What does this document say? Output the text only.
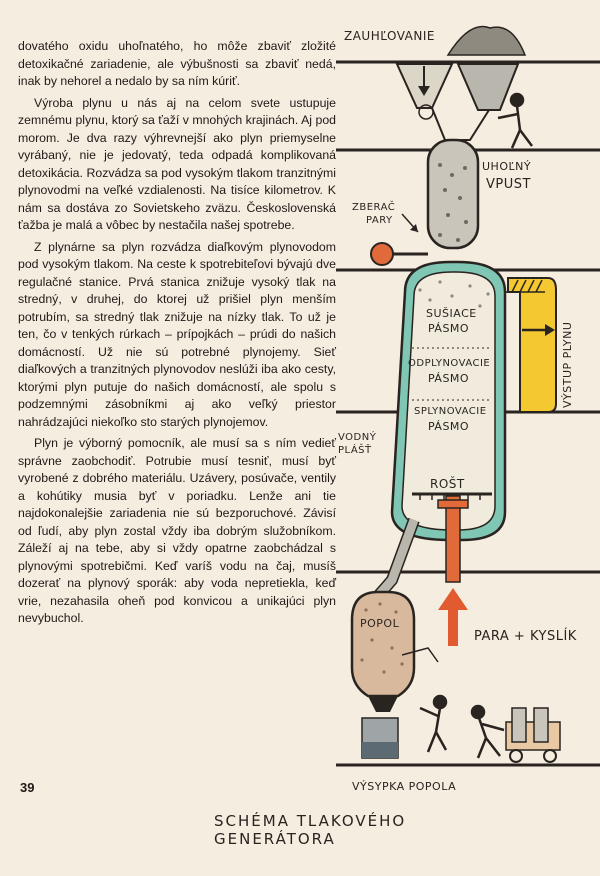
dovatého oxidu uhoľnatého, ho môže zbaviť zložité detoxikačné zariadenie, ale výbušnosti sa zbaviť nedá, inak by nehorel a nedalo by sa ním kúriť.

Výroba plynu u nás aj na celom svete ustupuje zemnému plynu, ktorý sa ťaží v mnohých krajinách. Aj pod morom. Je dva razy výhrevnejší ako plyn priemyselne vyrábaný, nie je jedovatý, teda odpadá komplikovaná detoxikácia. Rozvádza sa pod vysokým tlakom tranzitnými plynovodmi na veľké vzdialenosti. Na tisíce kilometrov. K nám sa dostáva zo Sovietskeho zväzu. Československá ťažba je malá a vôbec by nestačila našej spotrebe.

Z plynárne sa plyn rozvádza diaľkovým plynovodom pod vysokým tlakom. Na ceste k spotrebiteľovi bývajú dve regulačné stanice. Prvá stanica znižuje vysoký tlak na stredný, v druhej, do ktorej už prišiel plyn menším potrubím, sa stredný tlak znižuje na nízky tlak. To už je ten, čo v tenkých rúrkach – prípojkách – prúdi do našich domácností. Už nie sú potrebné plynojemy. Sieť diaľkových a tranzitných plynovodov neslúži iba ako cesty, ktorými plyn putuje do našich domácností, ale spolu s podzemnými zásobníkmi aj ako veľký priestor nahrádzajúci niekoľko sto starých plynojemov.

Plyn je výborný pomocník, ale musí sa s ním vedieť správne zaobchodiť. Potrubie musí tesniť, musí byť vyrobené z dobrého materiálu. Uzávery, posúvače, ventily a kohútiky musia byť v poriadku. Lenže ani tie najdokonalejšie zariadenia nie sú bezporuchové. Závisí od ľudí, aby plyn zostal vždy iba dobrým služobníkom. Záleží aj na tebe, aby si vždy opatrne zaobchádzal s plynovými spotrebičmi. Keď varíš vodu na čaj, musíš dozerať na plynový sporák: aby voda nepretiekla, keď vrie, nezahasila oheň pod konvicou a unikajúci plyn nevybuchol.

39
ZAUHĽOVANIE
UHOĽNÝ
VPUST
ZBERAČ
PARY
SUŠIACE
PÁSMO
ODPLYNOVACIE
PÁSMO
SPLYNOVACIE
PÁSMO
VODNÝ
PLÁŠŤ
ROŠT
VÝSTUP PLYNU
POPOL
PARA + KYSLÍK
VÝSYPKA POPOLA
SCHÉMA TLAKOVÉHO GENERÁTORA
